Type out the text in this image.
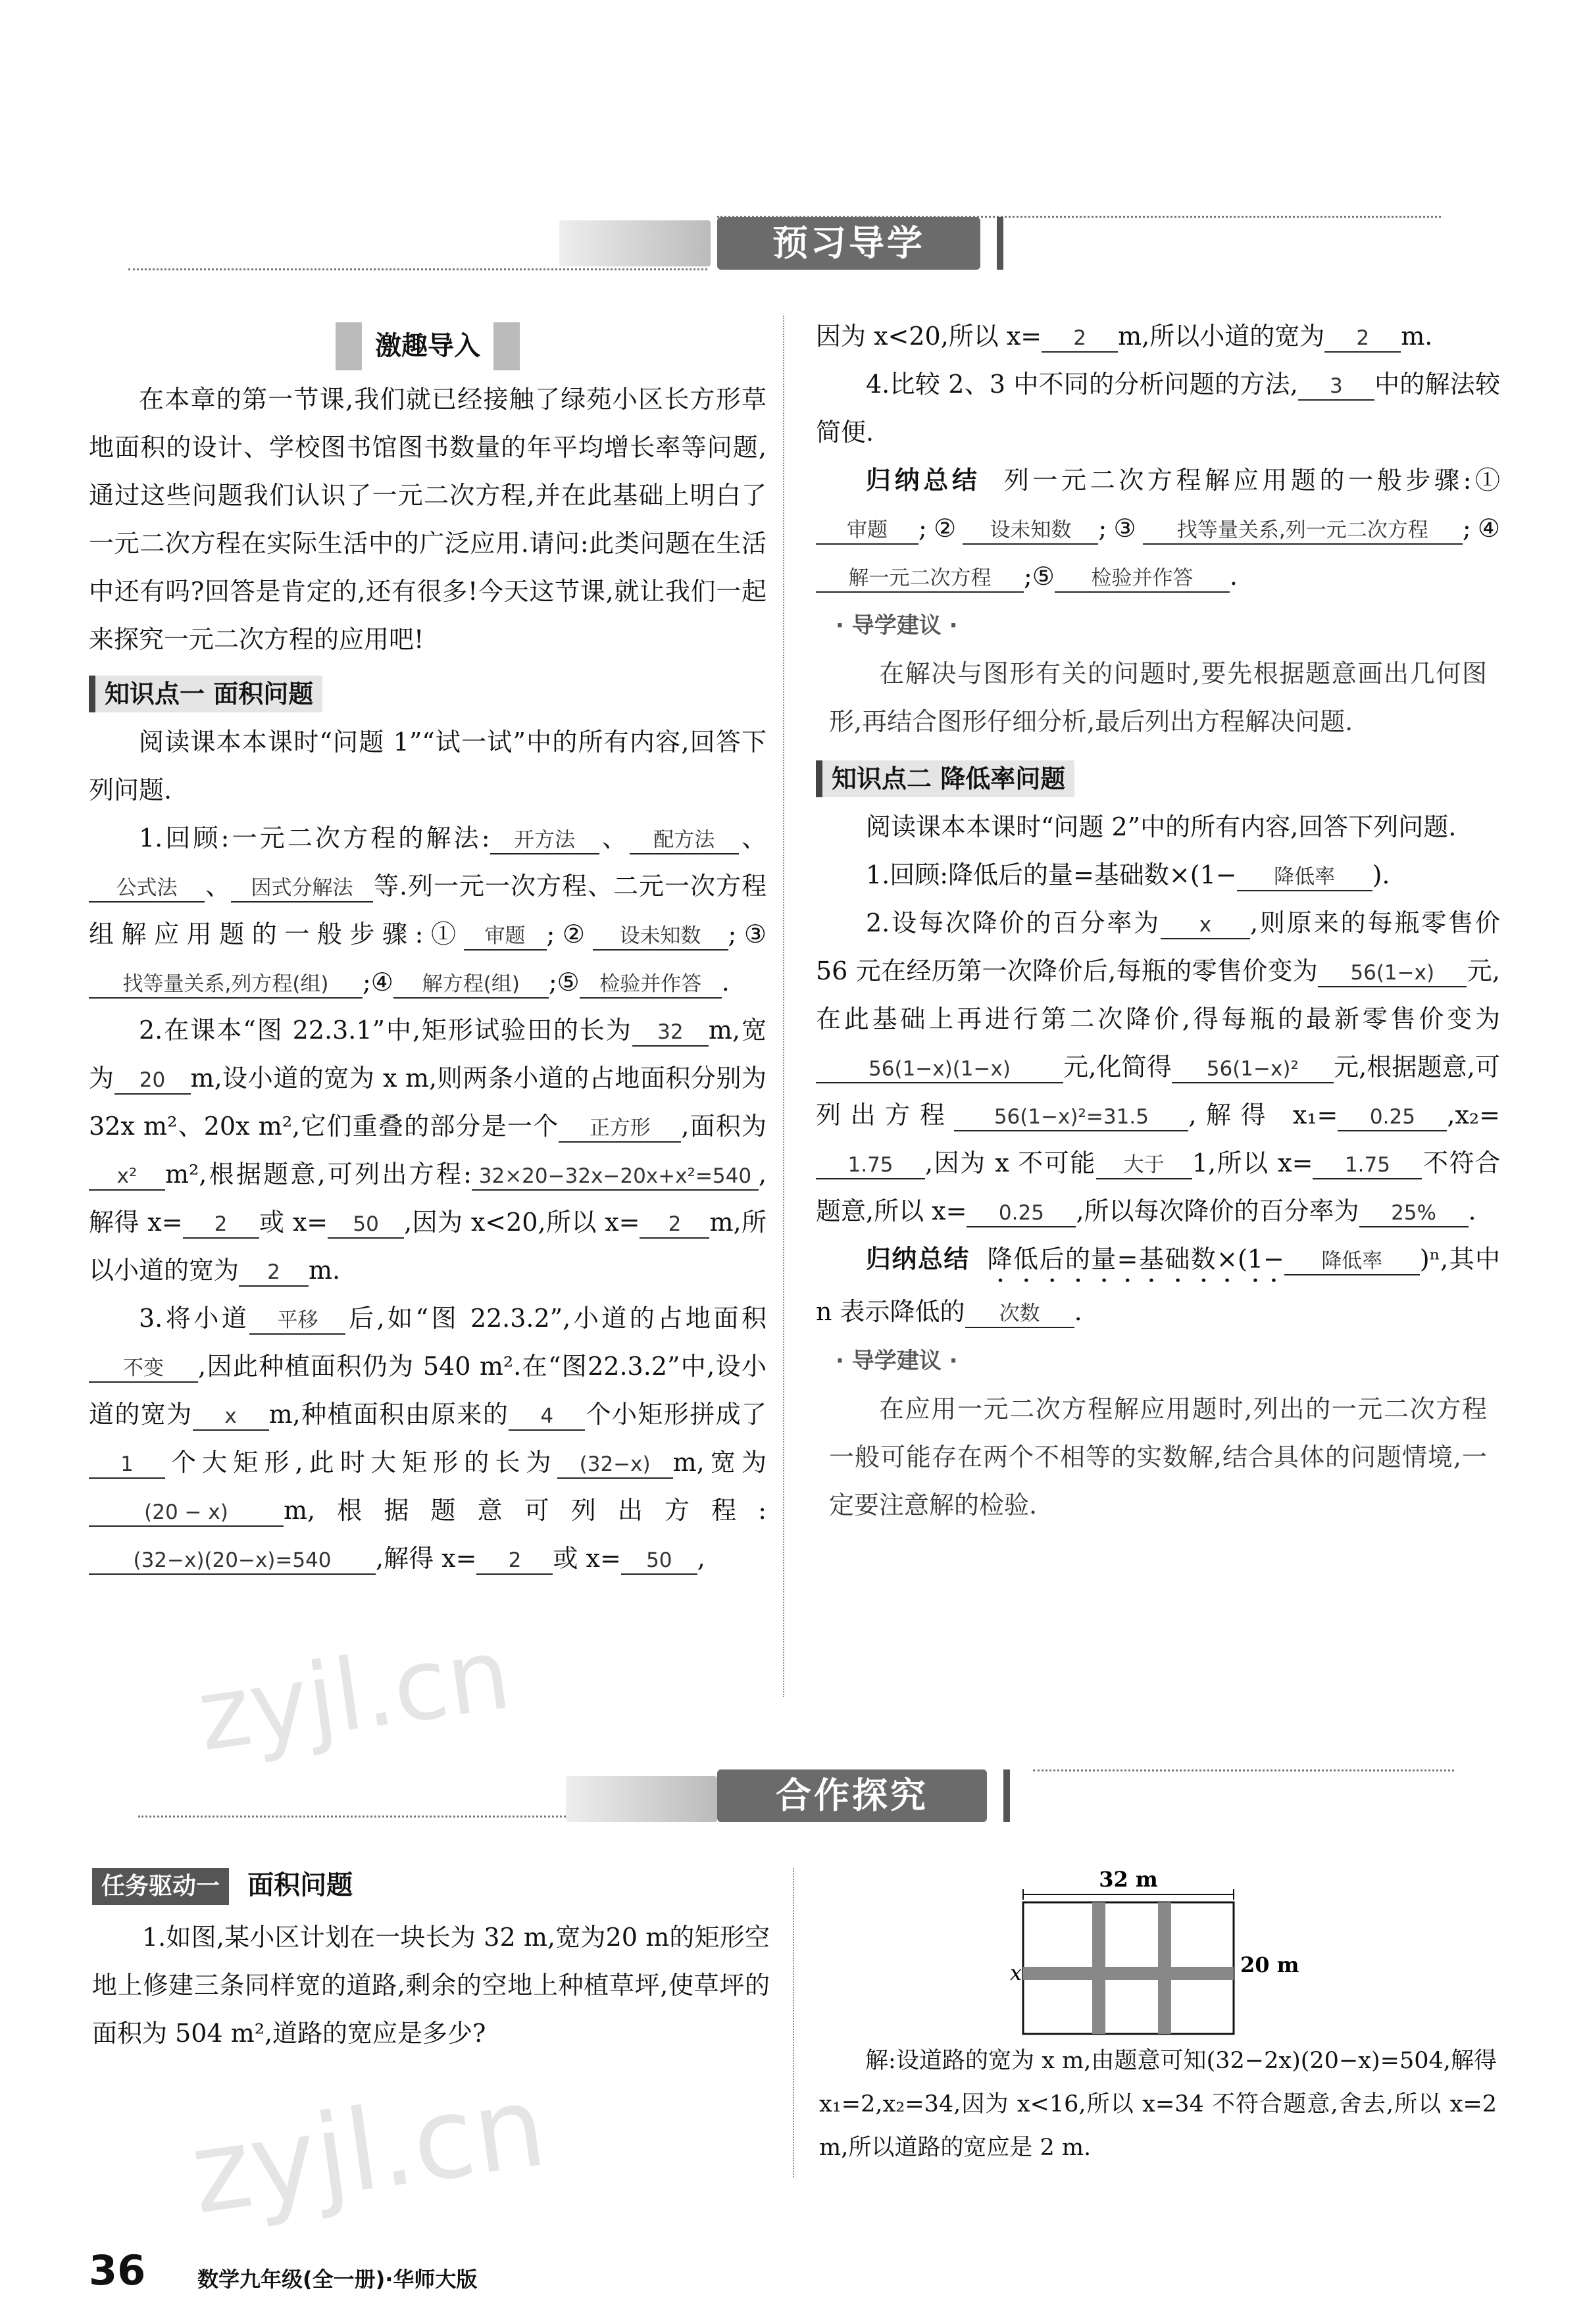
预习导学

激趣导入

在本章的第一节课,我们就已经接触了绿苑小区长方形草地面积的设计、学校图书馆图书数量的年平均增长率等问题,通过这些问题我们认识了一元二次方程,并在此基础上明白了一元二次方程在实际生活中的广泛应用.请问:此类问题在生活中还有吗?回答是肯定的,还有很多!今天这节课,就让我们一起来探究一元二次方程的应用吧!

知识点一 面积问题

阅读课本本课时“问题 1”“试一试”中的所有内容,回答下列问题.

1.回顾:一元二次方程的解法: 开方法 、 配方法 、公式法 、 因式分解法 等.列一元一次方程、二元一次方程组解应用题的一般步骤:① 审题 ;② 设未知数 ;③找等量关系,列方程(组) ;④ 解方程(组) ;⑤ 检验并作答 .

2.在课本“图 22.3.1”中,矩形试验田的长为 32 m,宽为 20 m,设小道的宽为 x m,则两条小道的占地面积分别为 32x m²、20x m²,它们重叠的部分是一个 正方形 ,面积为x² m²,根据题意,可列出方程: 32×20−32x−20x+x²=540 ,解得 x= 2 或 x= 50 ,因为 x<20,所以 x= 2 m,所以小道的宽为 2 m.

3.将小道 平移 后,如“图 22.3.2”,小道的占地面积不变 ,因此种植面积仍为 540 m².在“图22.3.2”中,设小道的宽为 x m,种植面积由原来的 4 个小矩形拼成了1 个大矩形,此时大矩形的长为 (32−x) m,宽为(20 − x) m,根据题意可列出方程:(32−x)(20−x)=540 ,解得 x= 2 或 x= 50 ,

因为 x<20,所以 x= 2 m,所以小道的宽为 2 m.

4.比较 2、3 中不同的分析问题的方法, 3 中的解法较简便.

归纳总结 列一元二次方程解应用题的一般步骤:①审题 ;② 设未知数 ;③ 找等量关系,列一元二次方程 ;④解一元二次方程 ;⑤ 检验并作答 .

· 导学建议 ·

在解决与图形有关的问题时,要先根据题意画出几何图形,再结合图形仔细分析,最后列出方程解决问题.

知识点二 降低率问题

阅读课本本课时“问题 2”中的所有内容,回答下列问题.

1.回顾:降低后的量=基础数×(1− 降低率 ).

2.设每次降价的百分率为 x ,则原来的每瓶零售价 56 元在经历第一次降价后,每瓶的零售价变为 56(1−x) 元,在此基础上再进行第二次降价,得每瓶的最新零售价变为56(1−x)(1−x) 元,化简得 56(1−x)² 元,根据题意,可列出方程 56(1−x)²=31.5 ,解得 x₁= 0.25 ,x₂=1.75 ,因为 x 不可能 大于 1,所以 x= 1.75 不符合题意,所以 x= 0.25 ,所以每次降价的百分率为 25% .

归纳总结 降低后的量=基础数×(1− 降低率 )ⁿ,其中 n 表示降低的 次数 .

· 导学建议 ·

在应用一元二次方程解应用题时,列出的一元二次方程一般可能存在两个不相等的实数解,结合具体的问题情境,一定要注意解的检验.

合作探究
zyjl.cn
zyjl.cn

任务驱动一 面积问题

1.如图,某小区计划在一块长为 32 m,宽为20 m的矩形空地上修建三条同样宽的道路,剩余的空地上种植草坪,使草坪的面积为 504 m²,道路的宽应是多少?

32 m
x	20 m

解:设道路的宽为 x m,由题意可知(32−2x)(20−x)=504,解得 x₁=2,x₂=34,因为 x<16,所以 x=34 不符合题意,舍去,所以 x=2 m,所以道路的宽应是 2 m.

36 数学九年级(全一册)·华师大版
